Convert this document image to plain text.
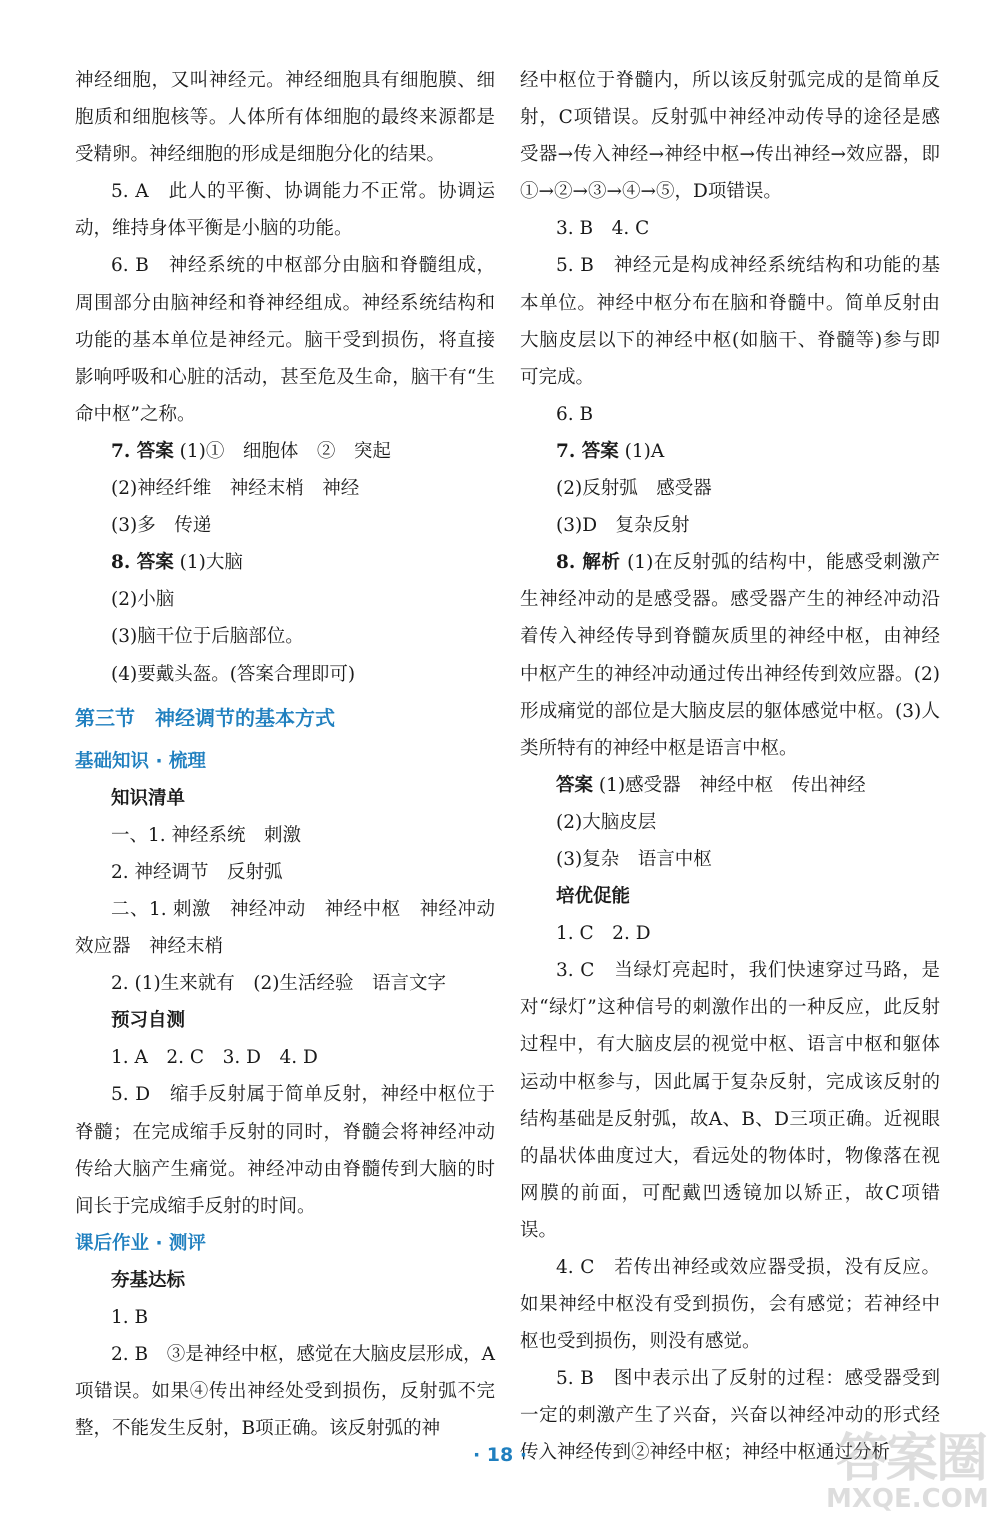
神经细胞，又叫神经元。神经细胞具有细胞膜、细胞质和细胞核等。人体所有体细胞的最终来源都是受精卵。神经细胞的形成是细胞分化的结果。

5. A　此人的平衡、协调能力不正常。协调运动，维持身体平衡是小脑的功能。

6. B　神经系统的中枢部分由脑和脊髓组成，周围部分由脑神经和脊神经组成。神经系统结构和功能的基本单位是神经元。脑干受到损伤，将直接影响呼吸和心脏的活动，甚至危及生命，脑干有“生命中枢”之称。

7. 答案 (1)①　细胞体　②　突起

(2)神经纤维　神经末梢　神经

(3)多　传递

8. 答案 (1)大脑

(2)小脑

(3)脑干位于后脑部位。

(4)要戴头盔。(答案合理即可)

第三节　神经调节的基本方式

基础知识 · 梳理

知识清单

一、1. 神经系统　刺激

2. 神经调节　反射弧

二、1. 刺激　神经冲动　神经中枢　神经冲动　效应器　神经末梢

2. (1)生来就有　(2)生活经验　语言文字

预习自测

1. A　2. C　3. D　4. D

5. D　缩手反射属于简单反射，神经中枢位于脊髓；在完成缩手反射的同时，脊髓会将神经冲动传给大脑产生痛觉。神经冲动由脊髓传到大脑的时间长于完成缩手反射的时间。

课后作业 · 测评

夯基达标

1. B

2. B　③是神经中枢，感觉在大脑皮层形成，A项错误。如果④传出神经处受到损伤，反射弧不完整，不能发生反射，B项正确。该反射弧的神

经中枢位于脊髓内，所以该反射弧完成的是简单反射，C项错误。反射弧中神经冲动传导的途径是感受器→传入神经→神经中枢→传出神经→效应器，即①→②→③→④→⑤，D项错误。

3. B　4. C

5. B　神经元是构成神经系统结构和功能的基本单位。神经中枢分布在脑和脊髓中。简单反射由大脑皮层以下的神经中枢(如脑干、脊髓等)参与即可完成。

6. B

7. 答案 (1)A

(2)反射弧　感受器

(3)D　复杂反射

8. 解析 (1)在反射弧的结构中，能感受刺激产生神经冲动的是感受器。感受器产生的神经冲动沿着传入神经传导到脊髓灰质里的神经中枢，由神经中枢产生的神经冲动通过传出神经传到效应器。(2)形成痛觉的部位是大脑皮层的躯体感觉中枢。(3)人类所特有的神经中枢是语言中枢。

答案 (1)感受器　神经中枢　传出神经

(2)大脑皮层

(3)复杂　语言中枢

培优促能

1. C　2. D

3. C　当绿灯亮起时，我们快速穿过马路，是对“绿灯”这种信号的刺激作出的一种反应，此反射过程中，有大脑皮层的视觉中枢、语言中枢和躯体运动中枢参与，因此属于复杂反射，完成该反射的结构基础是反射弧，故A、B、D三项正确。近视眼的晶状体曲度过大，看远处的物体时，物像落在视网膜的前面，可配戴凹透镜加以矫正，故C项错误。

4. C　若传出神经或效应器受损，没有反应。如果神经中枢没有受到损伤，会有感觉；若神经中枢也受到损伤，则没有感觉。

5. B　图中表示出了反射的过程：感受器受到一定的刺激产生了兴奋，兴奋以神经冲动的形式经传入神经传到②神经中枢；神经中枢通过分析

· 18 ·	答案圈
MXQE.COM
